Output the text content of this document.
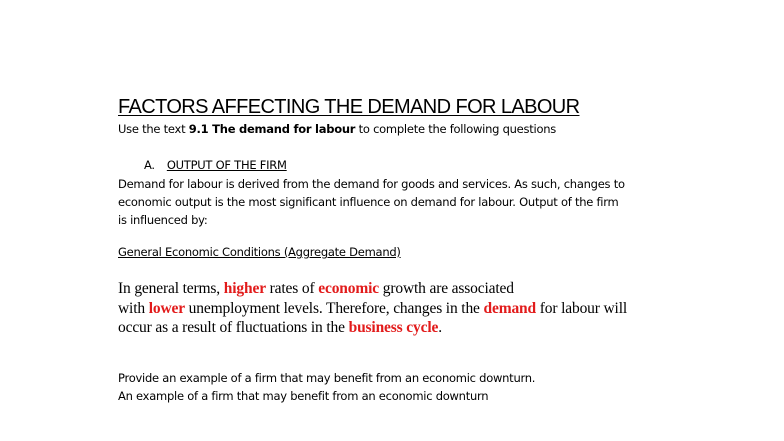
FACTORS AFFECTING THE DEMAND FOR LABOUR
Use the text 9.1 The demand for labour to complete the following questions
A. OUTPUT OF THE FIRM
Demand for labour is derived from the demand for goods and services. As such, changes to
economic output is the most significant influence on demand for labour. Output of the firm
is influenced by:
General Economic Conditions (Aggregate Demand)
In general terms, higher rates of economic growth are associated
with lower unemployment levels. Therefore, changes in the demand for labour will
occur as a result of fluctuations in the business cycle.
Provide an example of a firm that may benefit from an economic downturn.
An example of a firm that may benefit from an economic downturn
